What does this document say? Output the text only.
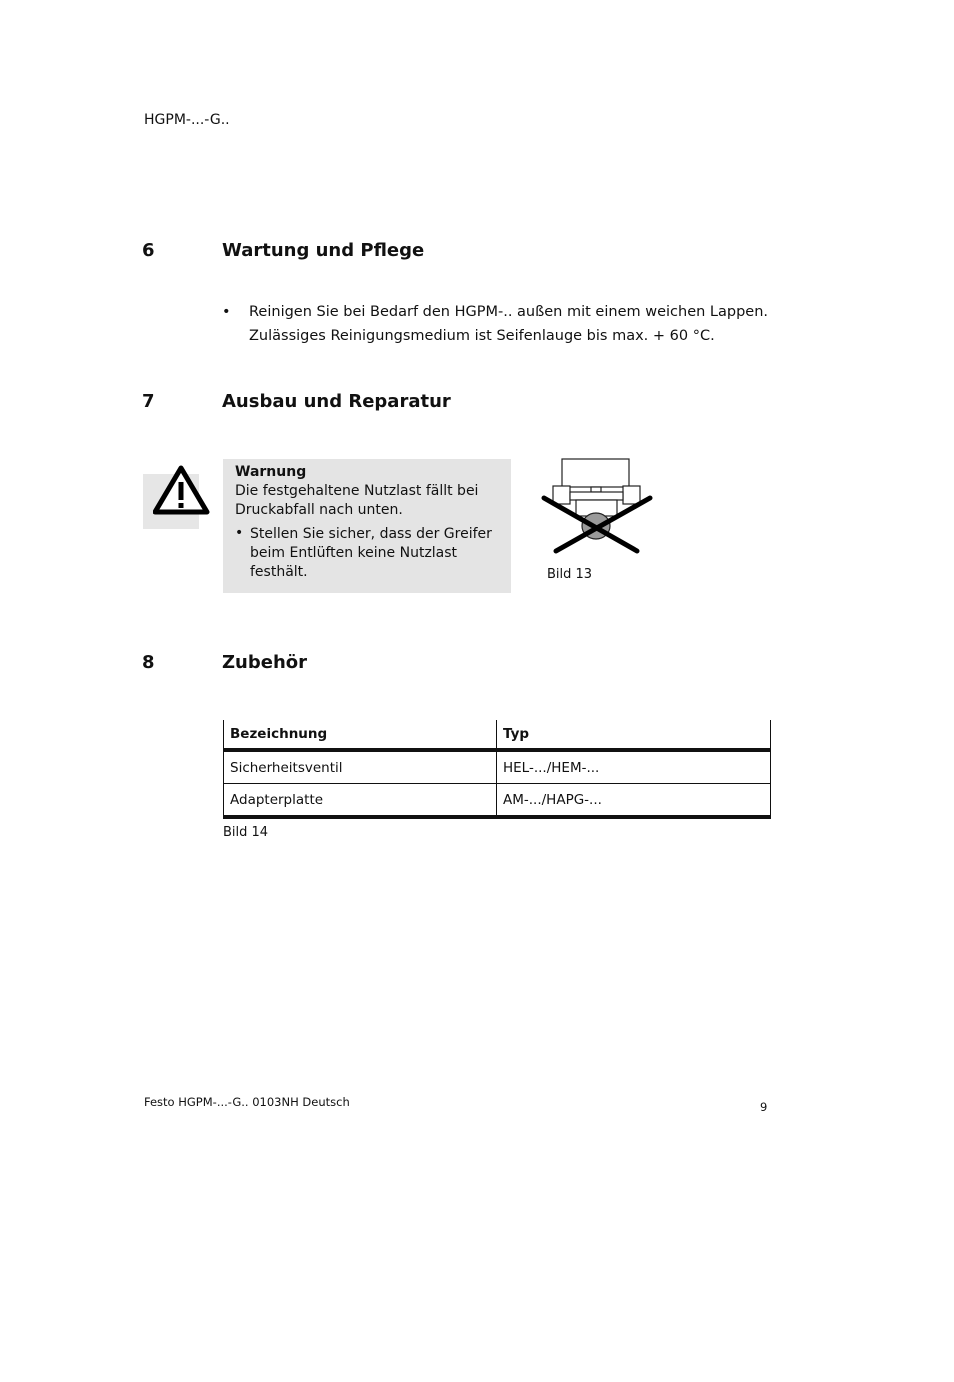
HGPM-...-G..
6	Wartung und Pflege
• Reinigen Sie bei Bedarf den HGPM-.. außen mit einem weichen Lappen.
Zulässiges Reinigungsmedium ist Seifenlauge bis max. + 60 °C.
7	Ausbau und Reparatur
Warnung
Die festgehaltene Nutzlast fällt bei Druckabfall nach unten.
• Stellen Sie sicher, dass der Greifer beim Entlüften keine Nutzlast festhält.	Bild 13
8	Zubehör
Bezeichnung	Typ
Sicherheitsventil	HEL-.../HEM-...
Adapterplatte	AM-.../HAPG-...
Bild 14
Festo HGPM-...-G.. 0103NH Deutsch	9
